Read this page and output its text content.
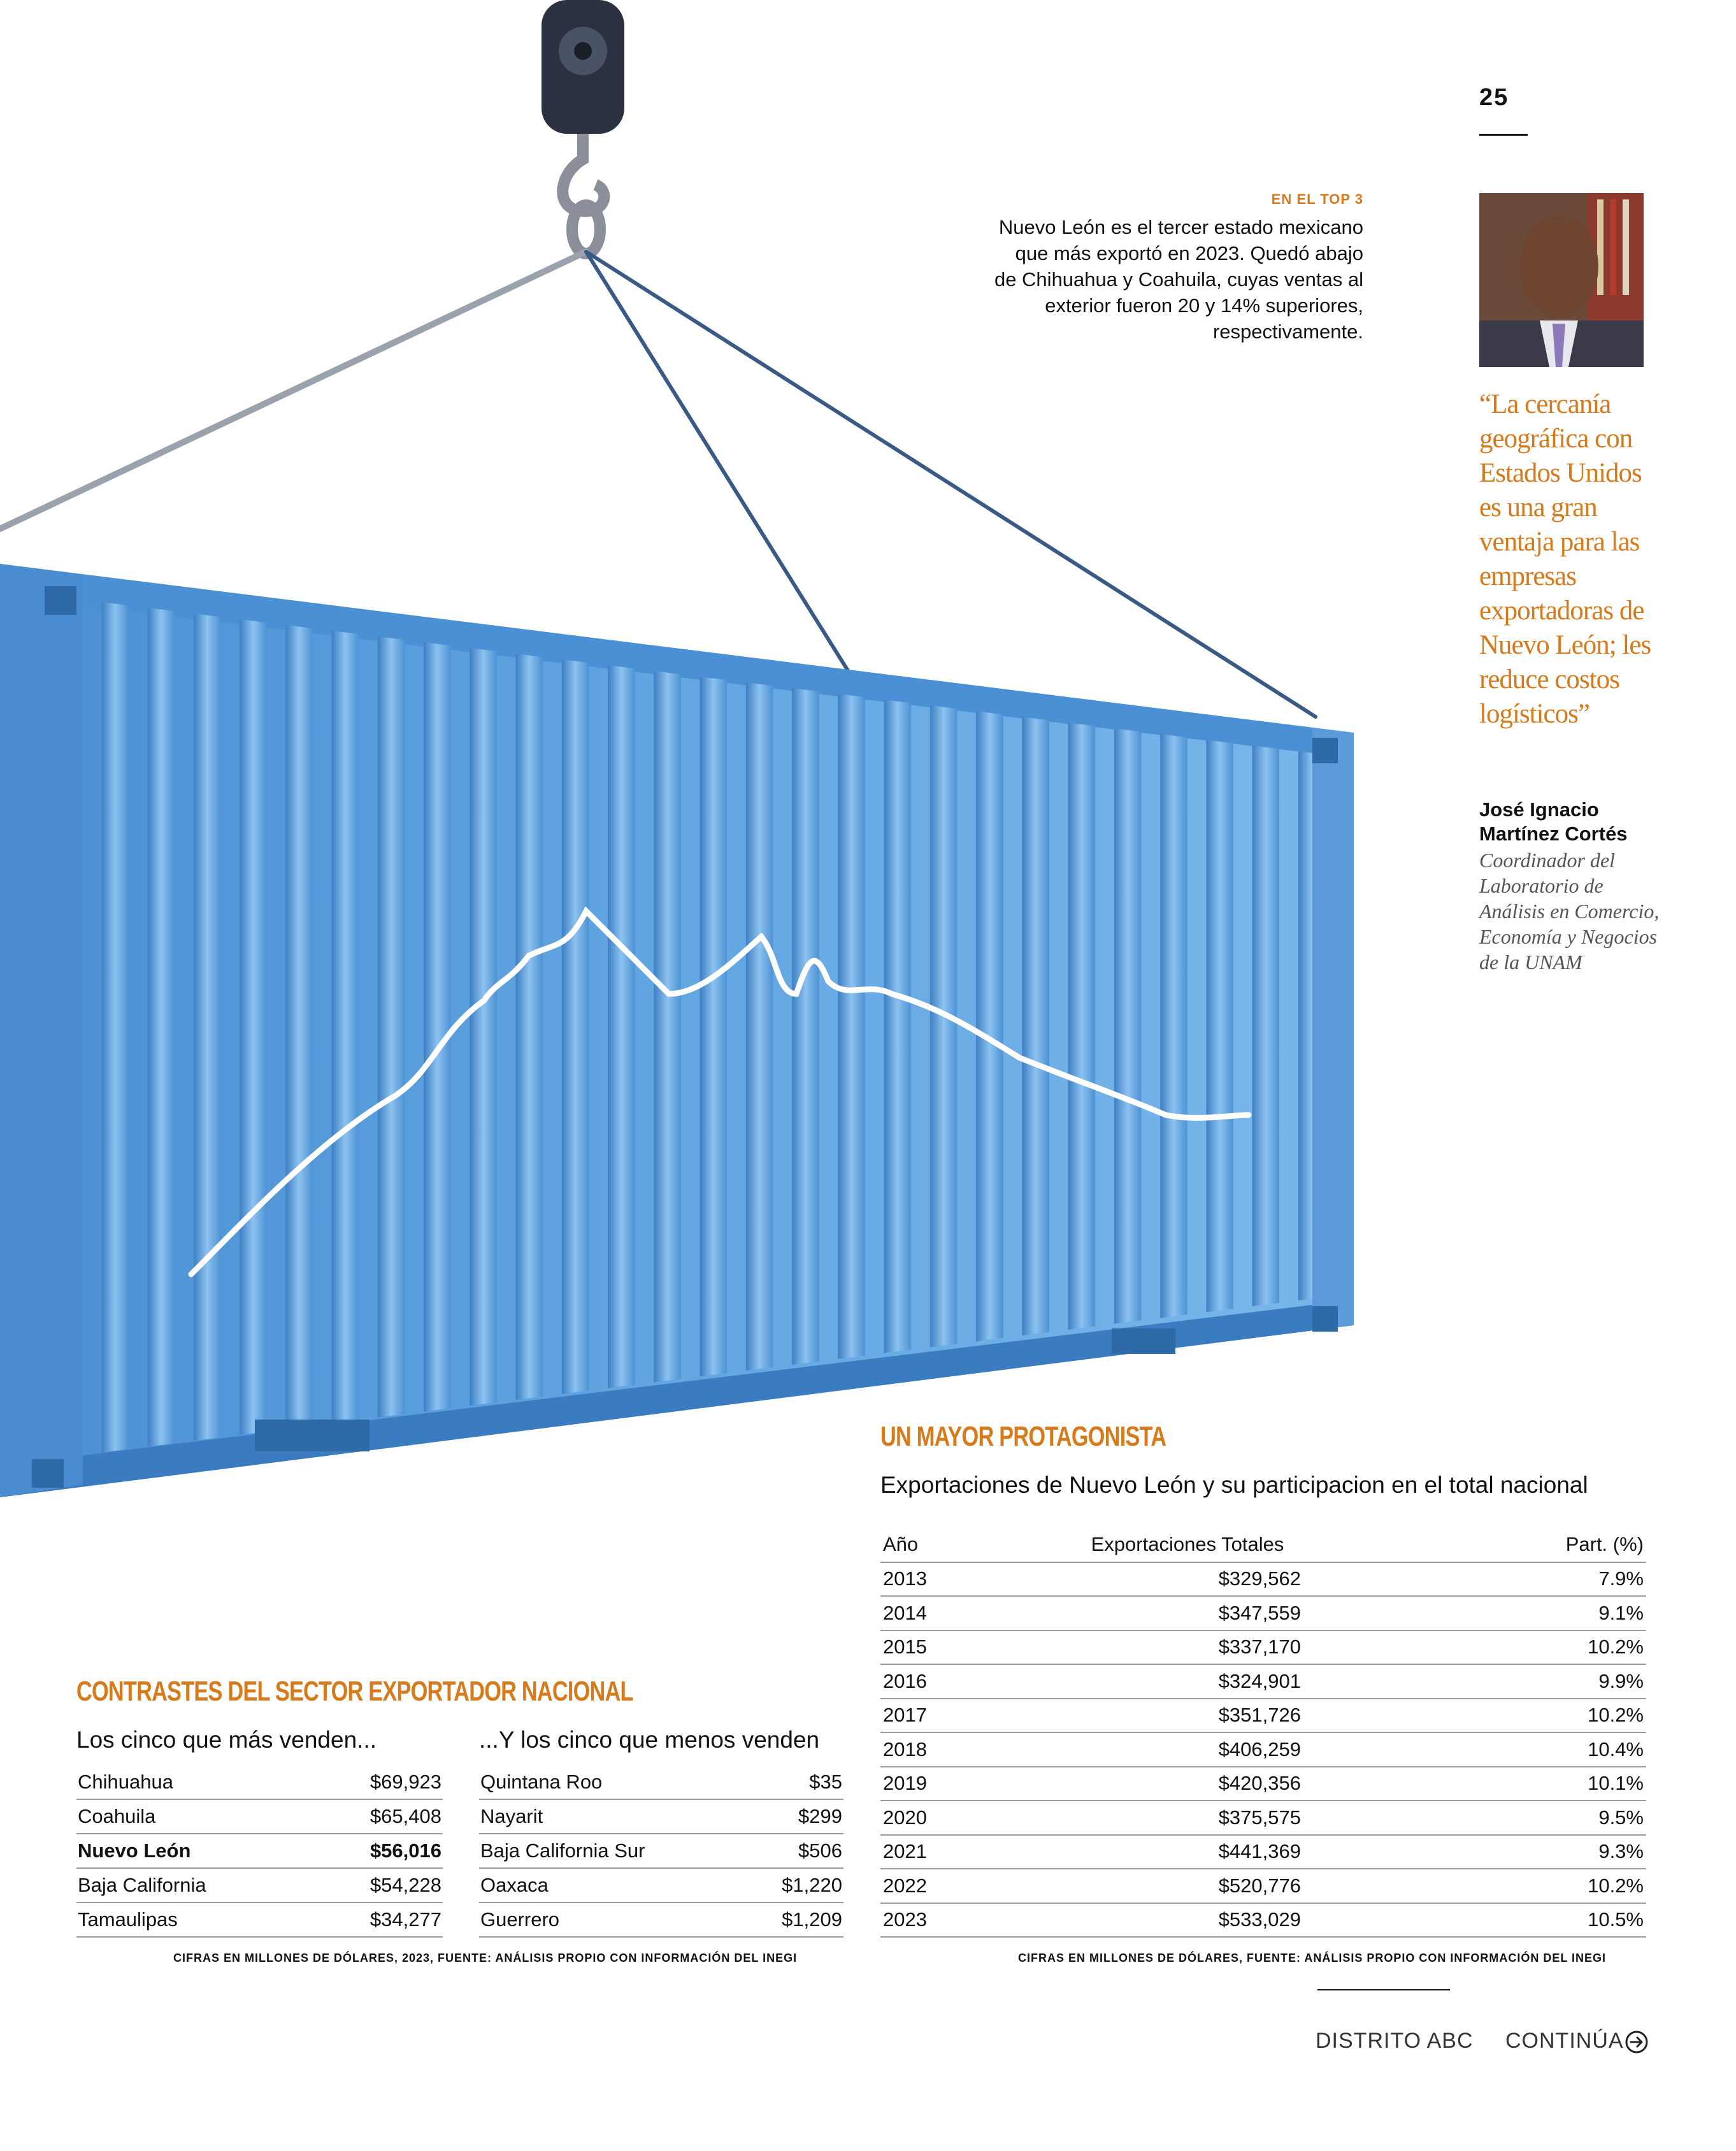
25
EN EL TOP 3
Nuevo León es el tercer estado mexicano que más exportó en 2023. Quedó abajo de Chihuahua y Coahuila, cuyas ventas al exterior fueron 20 y 14% superiores, respectivamente.
“La cercanía geográfica con Estados Unidos es una gran ventaja para las empresas exportadoras de Nuevo León; les reduce costos logísticos”
José Ignacio Martínez Cortés
Coordinador del Laboratorio de Análisis en Comercio, Economía y Negocios de la UNAM
CONTRASTES DEL SECTOR EXPORTADOR NACIONAL
Los cinco que más venden...	...Y los cinco que menos venden
Chihuahua	$69,923
Coahuila	$65,408
Nuevo León	$56,016
Baja California	$54,228
Tamaulipas	$34,277
Quintana Roo	$35
Nayarit	$299
Baja California Sur	$506
Oaxaca	$1,220
Guerrero	$1,209
CIFRAS EN MILLONES DE DÓLARES, 2023, FUENTE: ANÁLISIS PROPIO CON INFORMACIÓN DEL INEGI
UN MAYOR PROTAGONISTA
Exportaciones de Nuevo León y su participacion en el total nacional
Año	Exportaciones Totales	Part. (%)
2013	$329,562	7.9%
2014	$347,559	9.1%
2015	$337,170	10.2%
2016	$324,901	9.9%
2017	$351,726	10.2%
2018	$406,259	10.4%
2019	$420,356	10.1%
2020	$375,575	9.5%
2021	$441,369	9.3%
2022	$520,776	10.2%
2023	$533,029	10.5%
CIFRAS EN MILLONES DE DÓLARES, FUENTE: ANÁLISIS PROPIO CON INFORMACIÓN DEL INEGI
DISTRITO ABC CONTINÚA
